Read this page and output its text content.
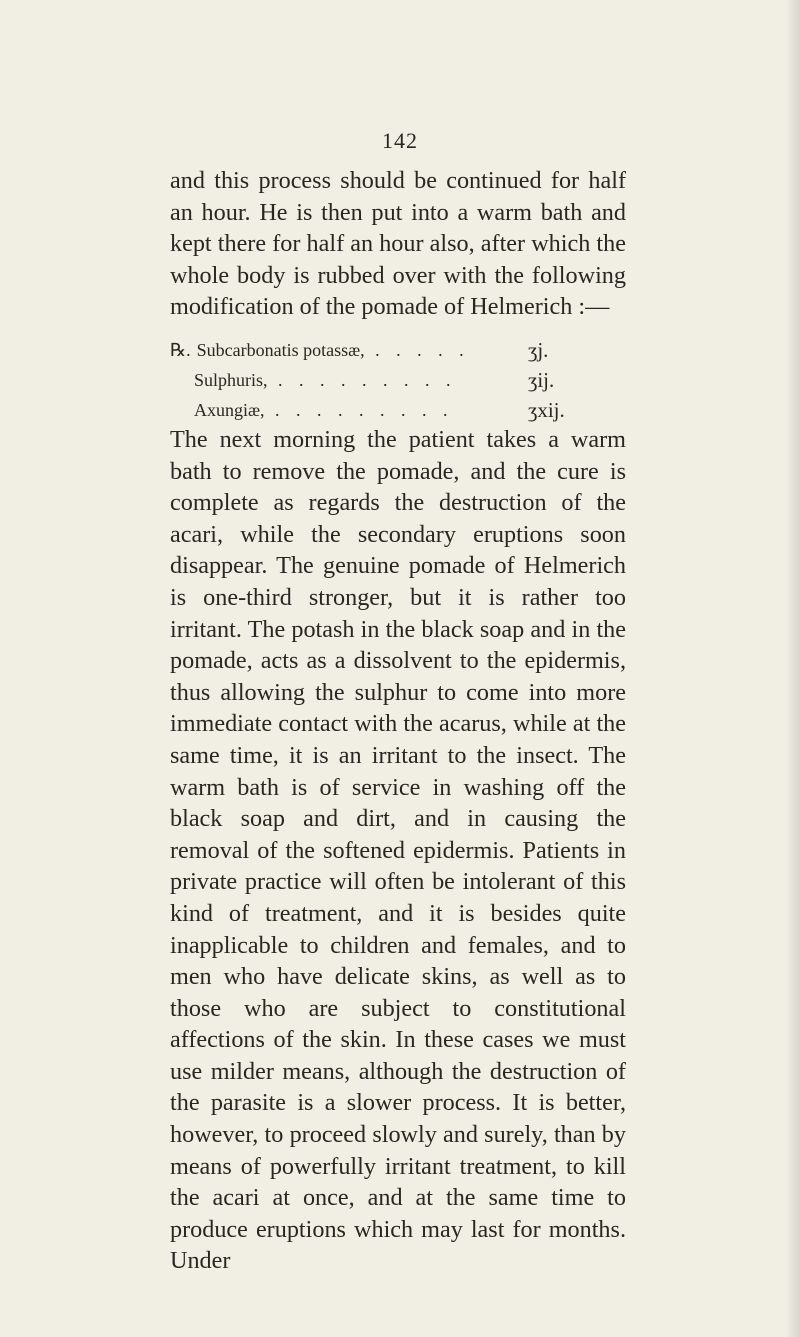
142

and this process should be continued for half an hour. He is then put into a warm bath and kept there for half an hour also, after which the whole body is rubbed over with the following modification of the pomade of Helmerich :—

℞. Subcarbonatis potassæ, . . . . .	ʒj.
Sulphuris, . . . . . . . . .	ʒij.
Axungiæ, . . . . . . . . .	ʒxij.

The next morning the patient takes a warm bath to remove the pomade, and the cure is complete as regards the destruction of the acari, while the secondary eruptions soon disappear. The genuine pomade of Helmerich is one-third stronger, but it is rather too irritant. The potash in the black soap and in the pomade, acts as a dissolvent to the epidermis, thus allowing the sulphur to come into more immediate contact with the acarus, while at the same time, it is an irritant to the insect. The warm bath is of service in washing off the black soap and dirt, and in causing the removal of the softened epidermis. Patients in private practice will often be intolerant of this kind of treatment, and it is besides quite inapplicable to children and females, and to men who have delicate skins, as well as to those who are subject to constitutional affections of the skin. In these cases we must use milder means, although the destruction of the parasite is a slower process. It is better, however, to proceed slowly and surely, than by means of powerfully irritant treatment, to kill the acari at once, and at the same time to produce eruptions which may last for months. Under
